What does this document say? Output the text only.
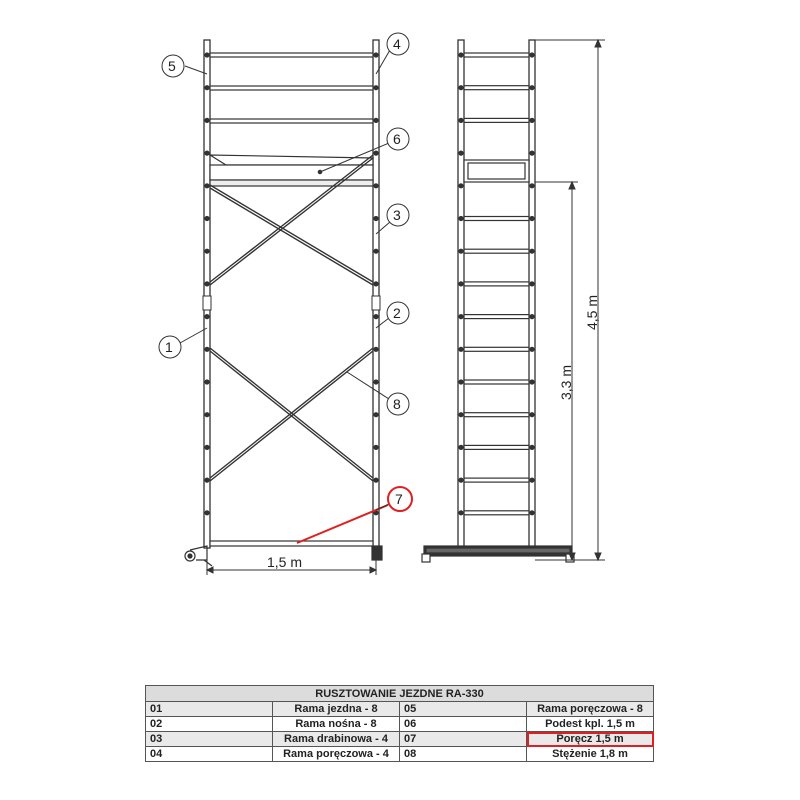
1,5 m
5
4
6
3
2
1
8
7
4,5 m
3,3 m
RUSZTOWANIE JEZDNE RA-330			
01	Rama jezdna - 8	05	Rama poręczowa - 8
02	Rama nośna - 8	06	Podest kpl. 1,5 m
03	Rama drabinowa - 4	07	Poręcz 1,5 m
04	Rama poręczowa - 4	08	Stężenie 1,8 m
